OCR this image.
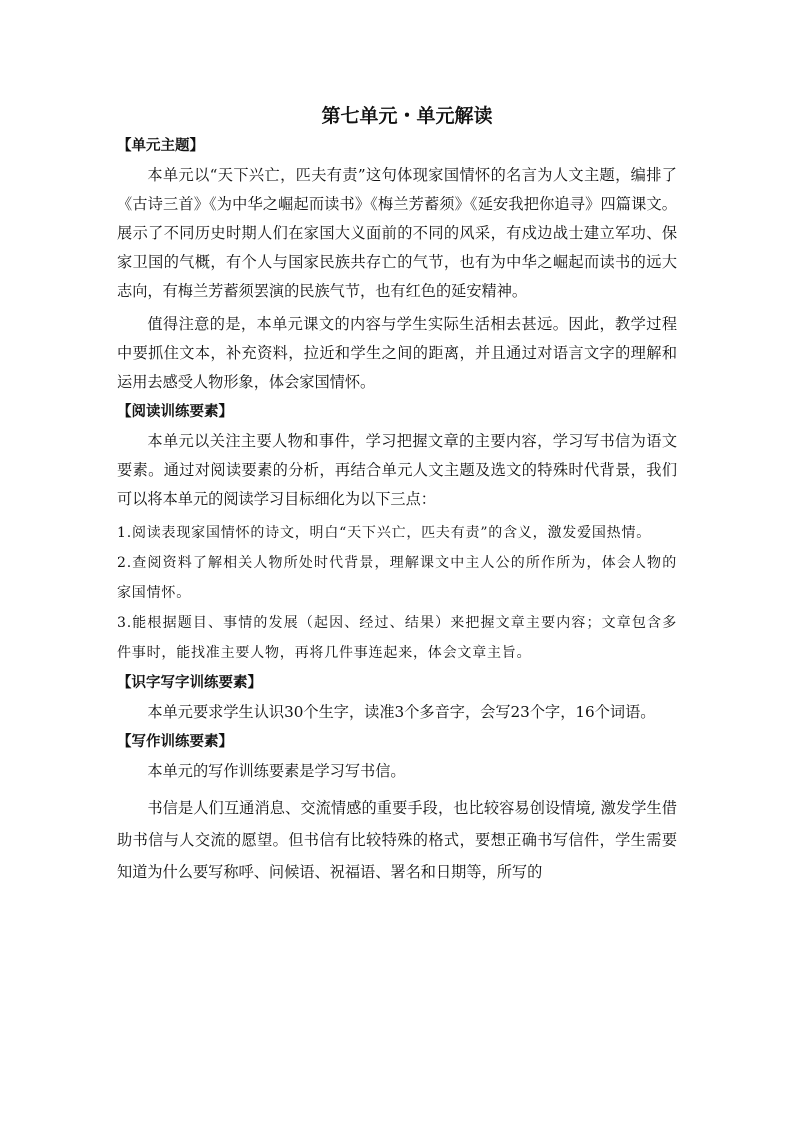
第七单元・单元解读
【单元主题】

本单元以“天下兴亡，匹夫有责”这句体现家国情怀的名言为人文主题，编排了《古诗三首》《为中华之崛起而读书》《梅兰芳蓄须》《延安我把你追寻》四篇课文。展示了不同历史时期人们在家国大义面前的不同的风采，有戍边战士建立军功、保家卫国的气概，有个人与国家民族共存亡的气节，也有为中华之崛起而读书的远大志向，有梅兰芳蓄须罢演的民族气节，也有红色的延安精神。

值得注意的是，本单元课文的内容与学生实际生活相去甚远。因此，教学过程中要抓住文本，补充资料，拉近和学生之间的距离，并且通过对语言文字的理解和运用去感受人物形象，体会家国情怀。

【阅读训练要素】

本单元以关注主要人物和事件，学习把握文章的主要内容，学习写书信为语文要素。通过对阅读要素的分析，再结合单元人文主题及选文的特殊时代背景，我们可以将本单元的阅读学习目标细化为以下三点：

1.阅读表现家国情怀的诗文，明白“天下兴亡，匹夫有责”的含义，激发爱国热情。

2.查阅资料了解相关人物所处时代背景，理解课文中主人公的所作所为，体会人物的家国情怀。

3.能根据题目、事情的发展（起因、经过、结果）来把握文章主要内容；文章包含多件事时，能找准主要人物，再将几件事连起来，体会文章主旨。

【识字写字训练要素】

本单元要求学生认识30个生字，读准3个多音字，会写23个字，16个词语。

【写作训练要素】

本单元的写作训练要素是学习写书信。

书信是人们互通消息、交流情感的重要手段，也比较容易创设情境, 激发学生借助书信与人交流的愿望。但书信有比较特殊的格式，要想正确书写信件，学生需要知道为什么要写称呼、问候语、祝福语、署名和日期等，所写的
